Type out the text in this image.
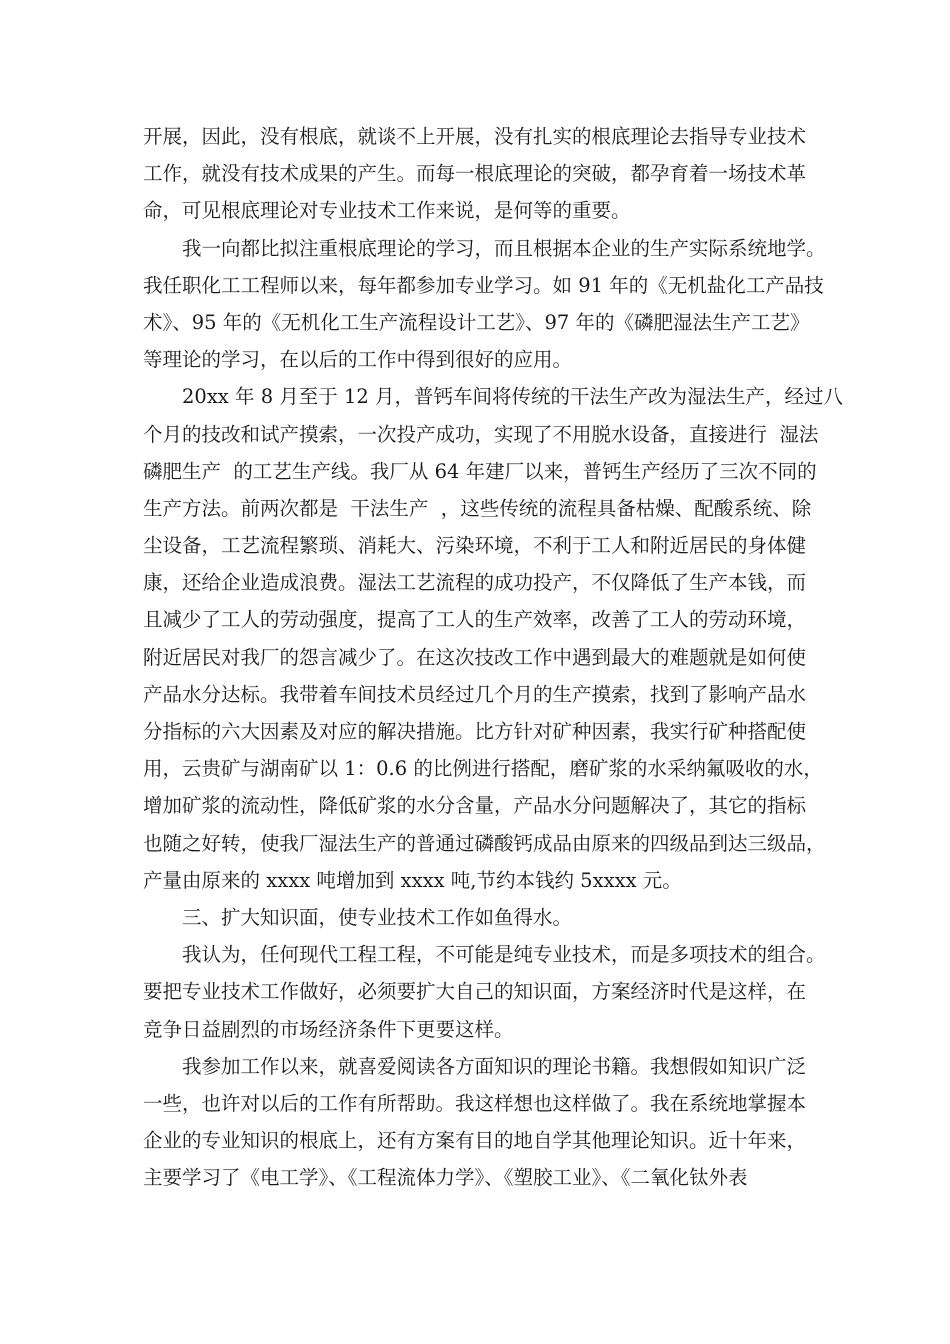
开展，因此，没有根底，就谈不上开展，没有扎实的根底理论去指导专业技术
工作，就没有技术成果的产生。而每一根底理论的突破，都孕育着一场技术革
命，可见根底理论对专业技术工作来说，是何等的重要。
我一向都比拟注重根底理论的学习，而且根据本企业的生产实际系统地学。
我任职化工工程师以来，每年都参加专业学习。如 91 年的《无机盐化工产品技
术》、95 年的《无机化工生产流程设计工艺》、97 年的《磷肥湿法生产工艺》
等理论的学习，在以后的工作中得到很好的应用。
20xx 年 8 月至于 12 月，普钙车间将传统的干法生产改为湿法生产，经过八
个月的技改和试产摸索，一次投产成功，实现了不用脱水设备，直接进行  湿法
磷肥生产  的工艺生产线。我厂从 64 年建厂以来，普钙生产经历了三次不同的
生产方法。前两次都是  干法生产  ，这些传统的流程具备枯燥、配酸系统、除
尘设备，工艺流程繁琐、消耗大、污染环境，不利于工人和附近居民的身体健
康，还给企业造成浪费。湿法工艺流程的成功投产，不仅降低了生产本钱，而
且减少了工人的劳动强度，提高了工人的生产效率，改善了工人的劳动环境，
附近居民对我厂的怨言减少了。在这次技改工作中遇到最大的难题就是如何使
产品水分达标。我带着车间技术员经过几个月的生产摸索，找到了影响产品水
分指标的六大因素及对应的解决措施。比方针对矿种因素，我实行矿种搭配使
用，云贵矿与湖南矿以 1：0.6 的比例进行搭配，磨矿浆的水采纳氟吸收的水，
增加矿浆的流动性，降低矿浆的水分含量，产品水分问题解决了，其它的指标
也随之好转，使我厂湿法生产的普通过磷酸钙成品由原来的四级品到达三级品，
产量由原来的 xxxx 吨增加到 xxxx 吨,节约本钱约 5xxxx 元。
三、扩大知识面，使专业技术工作如鱼得水。
我认为，任何现代工程工程，不可能是纯专业技术，而是多项技术的组合。
要把专业技术工作做好，必须要扩大自己的知识面，方案经济时代是这样，在
竞争日益剧烈的市场经济条件下更要这样。
我参加工作以来，就喜爱阅读各方面知识的理论书籍。我想假如知识广泛
一些，也许对以后的工作有所帮助。我这样想也这样做了。我在系统地掌握本
企业的专业知识的根底上，还有方案有目的地自学其他理论知识。近十年来，
主要学习了《电工学》、《工程流体力学》、《塑胶工业》、《二氧化钛外表
